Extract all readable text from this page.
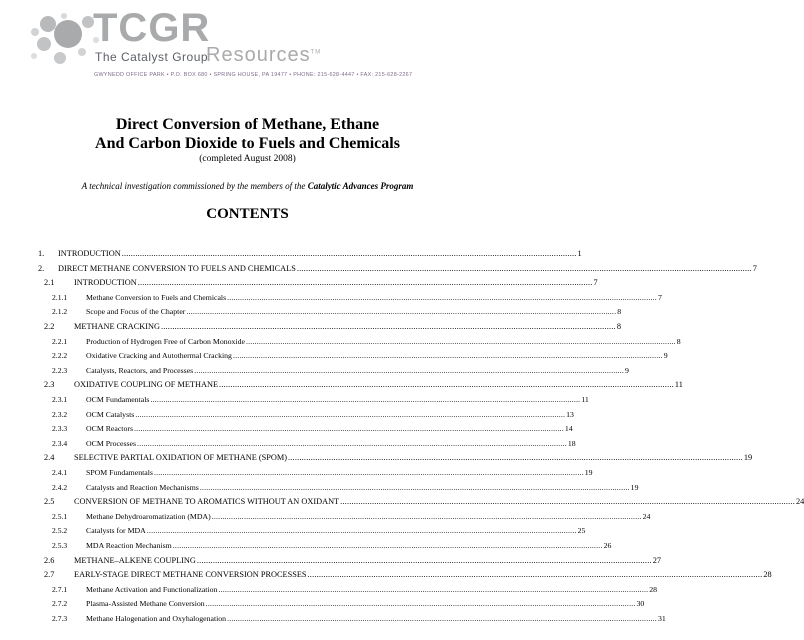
TCGR
The Catalyst Group
Resources™
GWYNEDD OFFICE PARK • P.O. BOX 680 • SPRING HOUSE, PA 19477 • PHONE: 215-628-4447 • FAX: 215-628-2267
Direct Conversion of Methane, Ethane
And Carbon Dioxide to Fuels and Chemicals
(completed August 2008)
A technical investigation commissioned by the members of the Catalytic Advances Program
CONTENTS
1.	INTRODUCTION ........................................................................................................................................................................................................ 1
2.	DIRECT METHANE CONVERSION TO FUELS AND CHEMICALS ........................................................................................................................................................................................................ 7
2.1	INTRODUCTION ........................................................................................................................................................................................................ 7
2.1.1	Methane Conversion to Fuels and Chemicals ........................................................................................................................................................................................................ 7
2.1.2	Scope and Focus of the Chapter ........................................................................................................................................................................................................ 8
2.2	METHANE CRACKING ........................................................................................................................................................................................................ 8
2.2.1	Production of Hydrogen Free of Carbon Monoxide ........................................................................................................................................................................................................ 8
2.2.2	Oxidative Cracking and Autothermal Cracking ........................................................................................................................................................................................................ 9
2.2.3	Catalysts, Reactors, and Processes ........................................................................................................................................................................................................ 9
2.3	OXIDATIVE COUPLING OF METHANE ........................................................................................................................................................................................................ 11
2.3.1	OCM Fundamentals ........................................................................................................................................................................................................ 11
2.3.2	OCM Catalysts ........................................................................................................................................................................................................ 13
2.3.3	OCM Reactors ........................................................................................................................................................................................................ 14
2.3.4	OCM Processes ........................................................................................................................................................................................................ 18
2.4	SELECTIVE PARTIAL OXIDATION OF METHANE (SPOM) ........................................................................................................................................................................................................ 19
2.4.1	SPOM Fundamentals ........................................................................................................................................................................................................ 19
2.4.2	Catalysts and Reaction Mechanisms ........................................................................................................................................................................................................ 19
2.5	CONVERSION OF METHANE TO AROMATICS WITHOUT AN OXIDANT ........................................................................................................................................................................................................ 24
2.5.1	Methane Dehydroaromatization (MDA) ........................................................................................................................................................................................................ 24
2.5.2	Catalysts for MDA ........................................................................................................................................................................................................ 25
2.5.3	MDA Reaction Mechanism ........................................................................................................................................................................................................ 26
2.6	METHANE–ALKENE COUPLING ........................................................................................................................................................................................................ 27
2.7	EARLY-STAGE DIRECT METHANE CONVERSION PROCESSES ........................................................................................................................................................................................................ 28
2.7.1	Methane Activation and Functionalization ........................................................................................................................................................................................................ 28
2.7.2	Plasma-Assisted Methane Conversion ........................................................................................................................................................................................................ 30
2.7.3	Methane Halogenation and Oxyhalogenation ........................................................................................................................................................................................................ 31
